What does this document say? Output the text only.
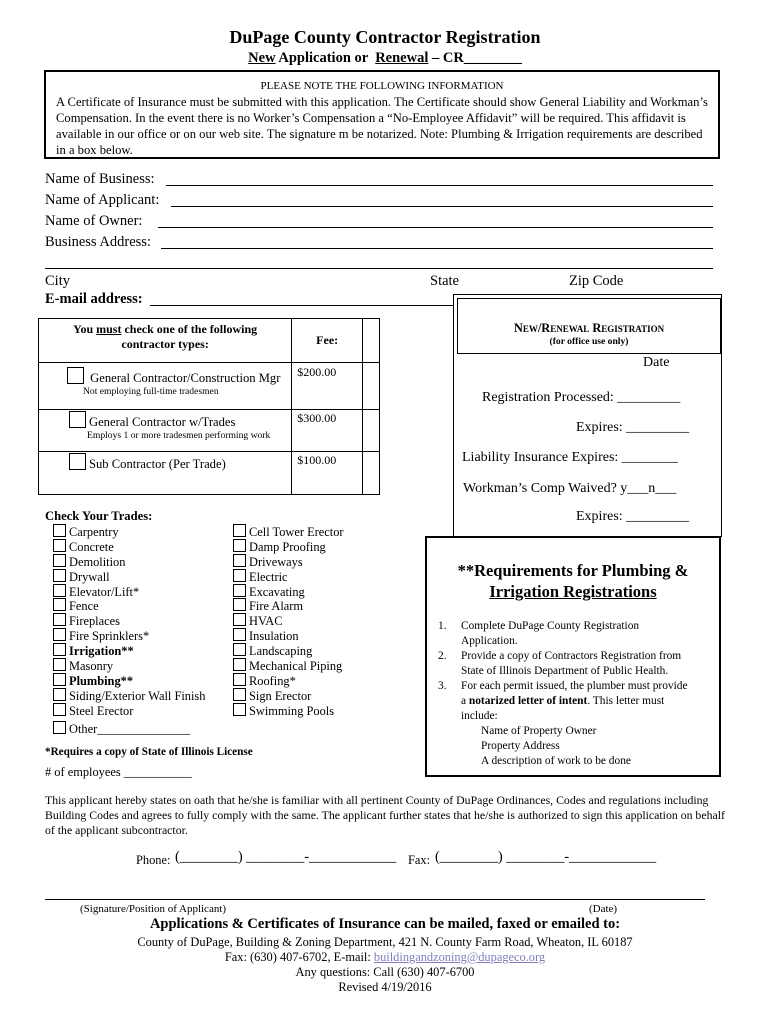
DuPage County Contractor Registration
New Application or Renewal – CR________
PLEASE NOTE THE FOLLOWING INFORMATION
A Certificate of Insurance must be submitted with this application. The Certificate should show General Liability and Workman’s Compensation. In the event there is no Worker’s Compensation a “No-Employee Affidavit” will be required. This affidavit is available in our office or on our web site. The signature m be notarized. Note: Plumbing & Irrigation requirements are described in a box below.
Name of Business:
Name of Applicant:
Name of Owner:
Business Address:
City	State	Zip Code
E-mail address:
You must check one of the following
contractor types:	Fee:	

General Contractor/Construction Mgr
Not employing full-time tradesmen	$200.00	

General Contractor w/Trades
Employs 1 or more tradesmen performing work	$300.00	

Sub Contractor (Per Trade)	$100.00	
New/Renewal Registration
(for office use only)
Date
Registration Processed: _________
Expires: _________
Liability Insurance Expires: ________
Workman’s Comp Waived? y___n___
Expires: _________
Check Your Trades:
Carpentry
Concrete
Demolition
Drywall
Elevator/Lift*
Fence
Fireplaces
Fire Sprinklers*
Irrigation**
Masonry
Plumbing**
Siding/Exterior Wall Finish
Steel Erector
Other_______________
Cell Tower Erector
Damp Proofing
Driveways
Electric
Excavating
Fire Alarm
HVAC
Insulation
Landscaping
Mechanical Piping
Roofing*
Sign Erector
Swimming Pools
*Requires a copy of State of Illinois License
# of employees ___________
**Requirements for Plumbing &
Irrigation Registrations
1. Complete DuPage County Registration
Application.
2. Provide a copy of Contractors Registration from
State of Illinois Department of Public Health.
3. For each permit issued, the plumber must provide
a notarized letter of intent. This letter must
include:
Name of Property Owner
Property Address
A description of work to be done
This applicant hereby states on oath that he/she is familiar with all pertinent County of DuPage Ordinances, Codes and regulations including Building Codes and agrees to fully comply with the same. The applicant further states that he/she is authorized to sign this application on behalf of the applicant subcontractor.
Phone: (________) ________-____________ Fax: (________) ________-____________
(Signature/Position of Applicant)	(Date)
Applications & Certificates of Insurance can be mailed, faxed or emailed to:
County of DuPage, Building & Zoning Department, 421 N. County Farm Road, Wheaton, IL 60187
Fax: (630) 407-6702, E-mail: buildingandzoning@dupageco.org
Any questions: Call (630) 407-6700
Revised 4/19/2016
